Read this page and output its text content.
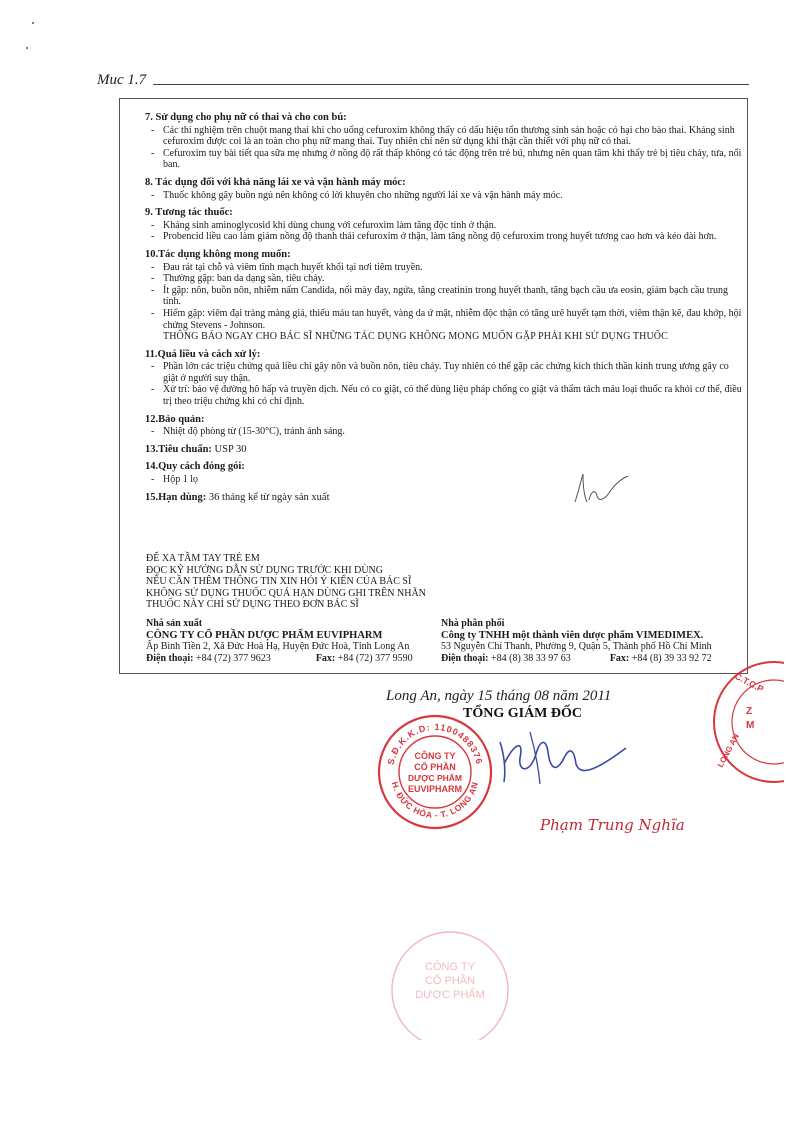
Muc 1.7
7. Sử dụng cho phụ nữ có thai và cho con bú:
- Các thí nghiệm trên chuột mang thai khi cho uống cefuroxim không thấy có dấu hiệu tổn thương sinh sản hoặc có hại cho bào thai. Kháng sinh cefuroxim được coi là an toàn cho phụ nữ mang thai. Tuy nhiên chỉ nên sử dụng khi thật cần thiết với phụ nữ có thai.
- Cefuroxim tuy bài tiết qua sữa mẹ nhưng ở nồng độ rất thấp không có tác động trên trẻ bú, nhưng nên quan tâm khi thấy trẻ bị tiêu chảy, tưa, nổi ban.
8. Tác dụng đối với khả năng lái xe và vận hành máy móc:
- Thuốc không gây buồn ngủ nên không có lời khuyên cho những người lái xe và vận hành máy móc.
9. Tương tác thuốc:
- Kháng sinh aminoglycosid khi dùng chung với cefuroxim làm tăng độc tính ở thận.
- Probencid liều cao làm giảm nồng độ thanh thải cefuroxim ở thận, làm tăng nồng độ cefuroxim trong huyết tương cao hơn và kéo dài hơn.
10.Tác dụng không mong muốn:
- Đau rát tại chỗ và viêm tĩnh mạch huyết khối tại nơi tiêm truyền.
- Thường gặp: ban da dạng sần, tiêu chảy.
- Ít gặp: nôn, buồn nôn, nhiễm nấm Candida, nổi mày đay, ngứa, tăng creatinin trong huyết thanh, tăng bạch cầu ưa eosin, giảm bạch cầu trung tính.
- Hiếm gặp: viêm đại tràng màng giả, thiếu máu tan huyết, vàng da ứ mật, nhiễm độc thận có tăng urê huyết tạm thời, viêm thận kẽ, đau khớp, hội chứng Stevens - Johnson.
THÔNG BÁO NGAY CHO BÁC SĨ NHỮNG TÁC DỤNG KHÔNG MONG MUỐN GẶP PHẢI KHI SỬ DỤNG THUỐC
11.Quá liều và cách xử lý:
- Phần lớn các triệu chứng quá liều chỉ gây nôn và buồn nôn, tiêu chảy. Tuy nhiên có thể gặp các chứng kích thích thần kinh trung ương gây co giật ở người suy thận.
- Xử trí: bảo vệ đường hô hấp và truyền dịch. Nếu có co giật, có thể dùng liệu pháp chống co giật và thẩm tách máu loại thuốc ra khỏi cơ thể, điều trị theo triệu chứng khi có chỉ định.
12.Bảo quản:
- Nhiệt độ phòng từ (15-30°C), tránh ánh sáng.
13.Tiêu chuẩn: USP 30
14.Quy cách đóng gói:
- Hộp 1 lọ
15.Hạn dùng: 36 tháng kể từ ngày sản xuất
ĐỂ XA TẦM TAY TRẺ EM
ĐỌC KỸ HƯỚNG DẪN SỬ DỤNG TRƯỚC KHI DÙNG
NẾU CẦN THÊM THÔNG TIN XIN HỎI Ý KIẾN CỦA BÁC SĨ
KHÔNG SỬ DỤNG THUỐC QUÁ HẠN DÙNG GHI TRÊN NHÃN
THUỐC NÀY CHỈ SỬ DỤNG THEO ĐƠN BÁC SĨ
Nhà sản xuất
CÔNG TY CỔ PHẦN DƯỢC PHẨM EUVIPHARM
Ấp Bình Tiền 2, Xã Đức Hoà Hạ, Huyện Đức Hoà, Tỉnh Long An
Điện thoại: +84 (72) 377 9623	Fax: +84 (72) 377 9590
Nhà phân phối
Công ty TNHH một thành viên dược phẩm VIMEDIMEX.
53 Nguyễn Chí Thanh, Phường 9, Quận 5, Thành phố Hồ Chí Minh
Điện thoại: +84 (8) 38 33 97 63	Fax: +84 (8) 39 33 92 72
Long An, ngày 15 tháng 08 năm 2011
TỔNG GIÁM ĐỐC
S.Đ.K.K.D: 1100488376
H. ĐỨC HÒA - T. LONG AN
CÔNG TY
CỔ PHẦN
DƯỢC PHẨM
EUVIPHARM
Phạm Trung Nghĩa
C.T.C.P
Z
M
LONG AN
CÔNG TY
CỔ PHẦN
DƯỢC PHẨM
